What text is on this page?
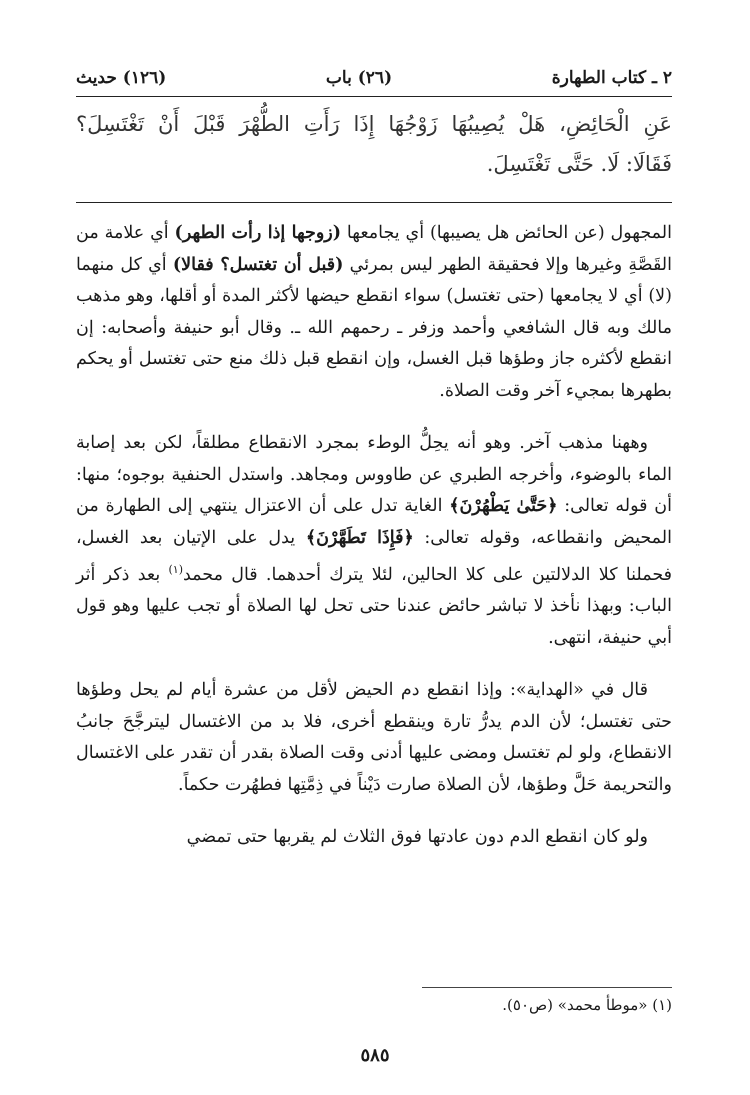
٢ ـ كتاب الطهارة
(٢٦) باب
(١٢٦) حديث
عَنِ الْحَائِضِ، هَلْ يُصِيبُهَا زَوْجُهَا إِذَا رَأَتِ الطُّهْرَ قَبْلَ أَنْ تَغْتَسِلَ؟
فَقَالَا: لَا. حَتَّى تَغْتَسِلَ.

المجهول (عن الحائض هل يصيبها) أي يجامعها (زوجها إذا رأت الطهر) أي علامة من القَصَّةِ وغيرها وإلا فحقيقة الطهر ليس بمرئي (قبل أن تغتسل؟ فقالا) أي كل منهما (لا) أي لا يجامعها (حتى تغتسل) سواء انقطع حيضها لأكثر المدة أو أقلها، وهو مذهب مالك وبه قال الشافعي وأحمد وزفر ـ رحمهم الله ـ. وقال أبو حنيفة وأصحابه: إن انقطع لأكثره جاز وطؤها قبل الغسل، وإن انقطع قبل ذلك منع حتى تغتسل أو يحكم بطهرها بمجيء آخر وقت الصلاة.

وههنا مذهب آخر. وهو أنه يحِلُّ الوطء بمجرد الانقطاع مطلقاً، لكن بعد إصابة الماء بالوضوء، وأخرجه الطبري عن طاووس ومجاهد. واستدل الحنفية بوجوه؛ منها: أن قوله تعالى: ﴿حَتَّىٰ يَطْهُرْنَ﴾ الغاية تدل على أن الاعتزال ينتهي إلى الطهارة من المحيض وانقطاعه، وقوله تعالى: ﴿فَإِذَا تَطَهَّرْنَ﴾ يدل على الإتيان بعد الغسل، فحملنا كلا الدلالتين على كلا الحالين، لئلا يترك أحدهما. قال محمد$^{(١)}$ بعد ذكر أثر الباب: وبهذا نأخذ لا تباشر حائض عندنا حتى تحل لها الصلاة أو تجب عليها وهو قول أبي حنيفة، انتهى.

قال في «الهداية»: وإذا انقطع دم الحيض لأقل من عشرة أيام لم يحل وطؤها حتى تغتسل؛ لأن الدم يدرُّ تارة وينقطع أخرى، فلا بد من الاغتسال ليترجَّحَ جانبُ الانقطاع، ولو لم تغتسل ومضى عليها أدنى وقت الصلاة بقدر أن تقدر على الاغتسال والتحريمة حَلَّ وطؤها، لأن الصلاة صارت دَيْناً في ذِمَّتِها فطهُرت حكماً.

ولو كان انقطع الدم دون عادتها فوق الثلاث لم يقربها حتى تمضي

(١) «موطأ محمد» (ص٥٠).
٥٨٥
